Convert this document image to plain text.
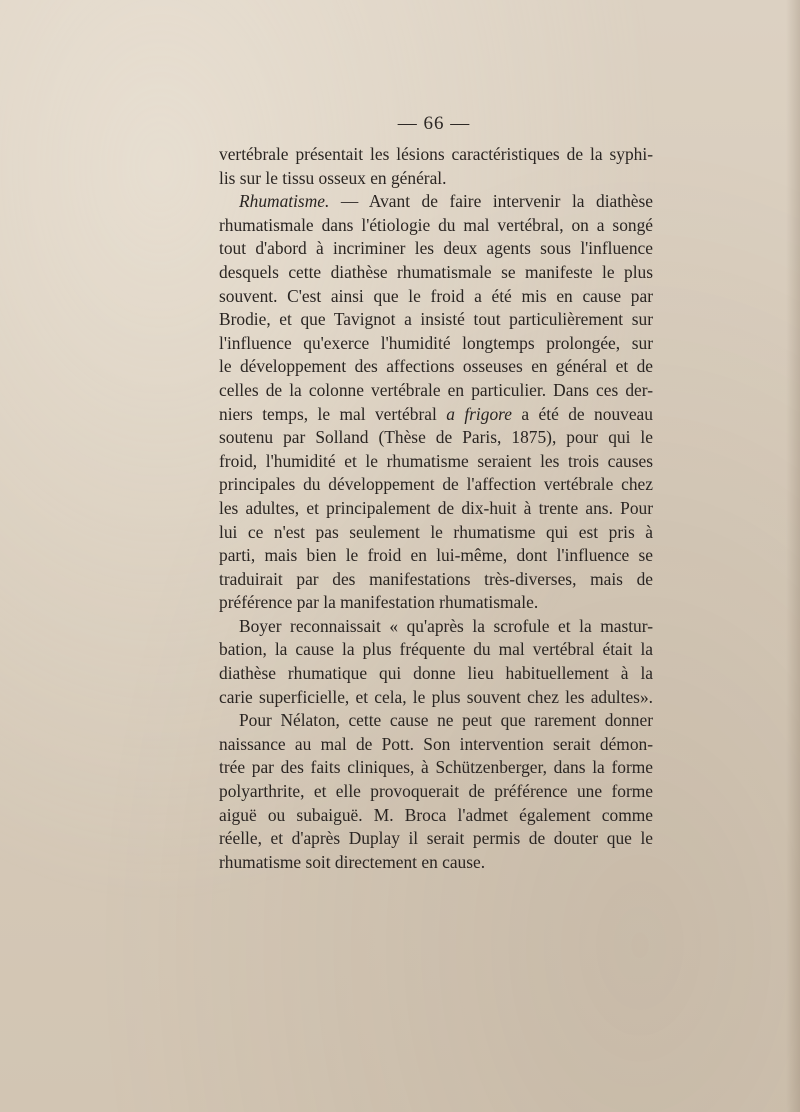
— 66 —
vertébrale présentait les lésions caractéristiques de la syphi-
lis sur le tissu osseux en général.
Rhumatisme. — Avant de faire intervenir la diathèse
rhumatismale dans l'étiologie du mal vertébral, on a songé
tout d'abord à incriminer les deux agents sous l'influence
desquels cette diathèse rhumatismale se manifeste le plus
souvent. C'est ainsi que le froid a été mis en cause par
Brodie, et que Tavignot a insisté tout particulièrement sur
l'influence qu'exerce l'humidité longtemps prolongée, sur
le développement des affections osseuses en général et de
celles de la colonne vertébrale en particulier. Dans ces der-
niers temps, le mal vertébral a frigore a été de nouveau
soutenu par Solland (Thèse de Paris, 1875), pour qui le
froid, l'humidité et le rhumatisme seraient les trois causes
principales du développement de l'affection vertébrale chez
les adultes, et principalement de dix-huit à trente ans. Pour
lui ce n'est pas seulement le rhumatisme qui est pris à
parti, mais bien le froid en lui-même, dont l'influence se
traduirait par des manifestations très-diverses, mais de
préférence par la manifestation rhumatismale.
Boyer reconnaissait « qu'après la scrofule et la mastur-
bation, la cause la plus fréquente du mal vertébral était la
diathèse rhumatique qui donne lieu habituellement à la
carie superficielle, et cela, le plus souvent chez les adultes».
Pour Nélaton, cette cause ne peut que rarement donner
naissance au mal de Pott. Son intervention serait démon-
trée par des faits cliniques, à Schützenberger, dans la forme
polyarthrite, et elle provoquerait de préférence une forme
aiguë ou subaiguë. M. Broca l'admet également comme
réelle, et d'après Duplay il serait permis de douter que le
rhumatisme soit directement en cause.
